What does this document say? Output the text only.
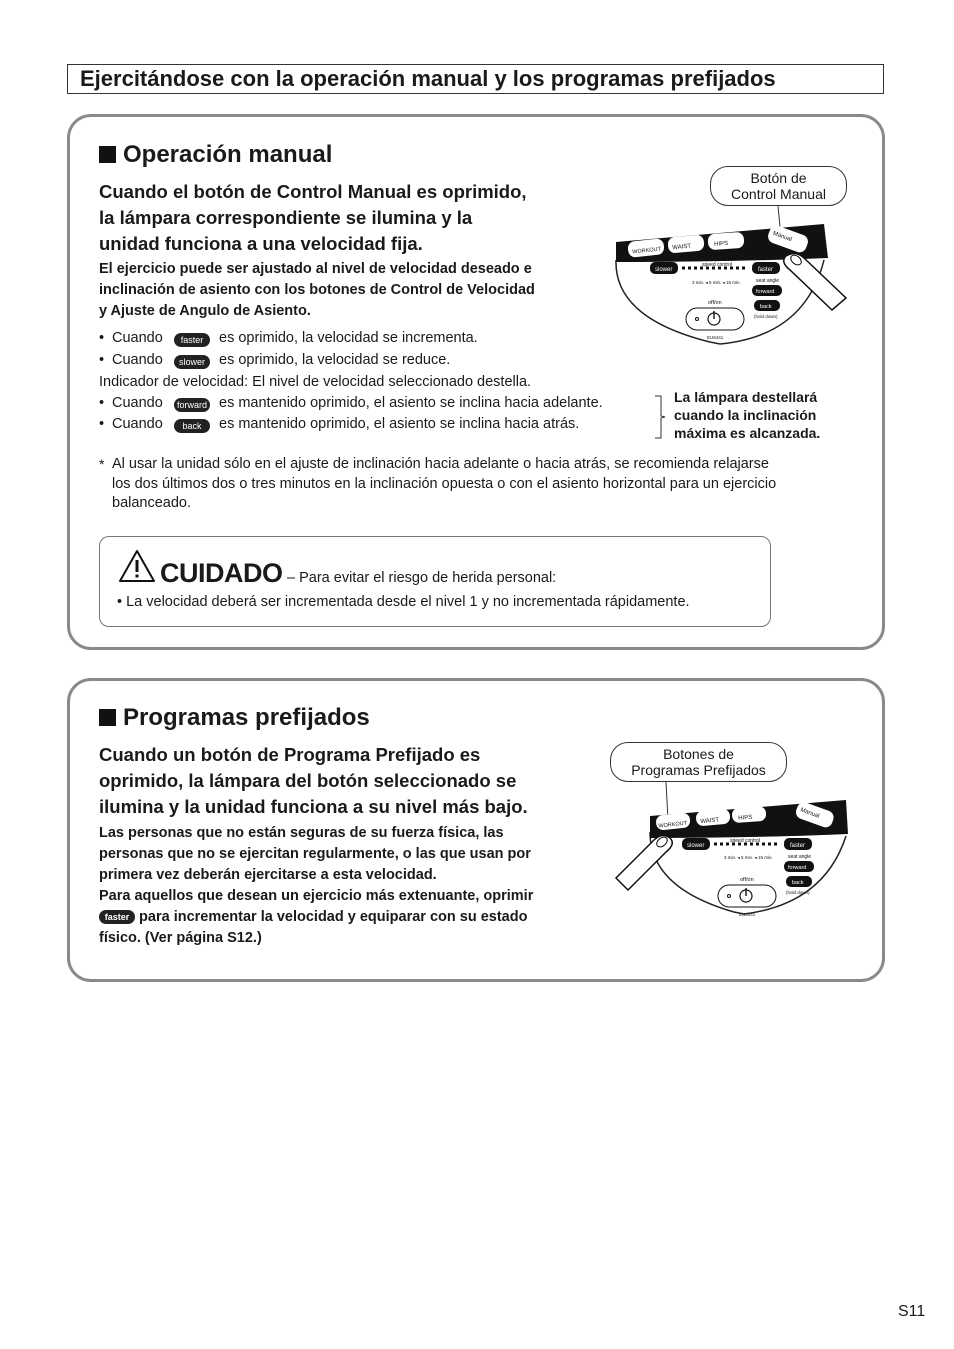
Ejercitándose con la operación manual y los programas prefijados
Operación manual
Cuando el botón de Control Manual es oprimido,
la lámpara correspondiente se ilumina y la
unidad funciona a una velocidad fija.
El ejercicio puede ser ajustado al nivel de velocidad deseado e
inclinación de asiento con los botones de Control de Velocidad
y Ajuste de Angulo de Asiento.
• Cuando	faster	es oprimido, la velocidad se incrementa.
• Cuando	slower es oprimido, la velocidad se reduce.
Indicador de velocidad: El nivel de velocidad seleccionado destella.
• Cuando	forward es mantenido oprimido, el asiento se inclina hacia adelante.
• Cuando	back	es mantenido oprimido, el asiento se inclina hacia atrás.
La lámpara destellará
cuando la inclinación
máxima es alcanzada.
* Al usar la unidad sólo en el ajuste de inclinación hacia adelante o hacia atrás, se recomienda relajarse
los dos últimos dos o tres minutos en la inclinación opuesta o con el asiento horizontal para un ejercicio
balanceado.
CUIDADO – Para evitar el riesgo de herida personal:
• La velocidad deberá ser incrementada desde el nivel 1 y no incrementada rápidamente.
Botón de
Control Manual
Pre-Set Programs
WORKOUT WAIST	HIPS
Manual
speed control
slower	faster
3 min. ◂ 5 min. ◂ 15 min.	seat angle
forward
back
(hold down)
off/on
EU6441
Programas prefijados
Cuando un botón de Programa Prefijado es
oprimido, la lámpara del botón seleccionado se
ilumina y la unidad funciona a su nivel más bajo.
Las personas que no están seguras de su fuerza física, las
personas que no se ejercitan regularmente, o las que usan por
primera vez deberán ejercitarse a esta velocidad.
Para aquellos que desean un ejercicio más extenuante, oprimir
faster para incrementar la velocidad y equiparar con su estado
físico. (Ver página S12.)
Botones de
Programas Prefijados
Pre-Set Programs
WORKOUT WAIST	HIPS	Manual
speed control
slower	faster
3 min. ◂ 5 min. ◂ 15 min.	seat angle
forward
back
(hold down)
off/on
EU6441
S11
